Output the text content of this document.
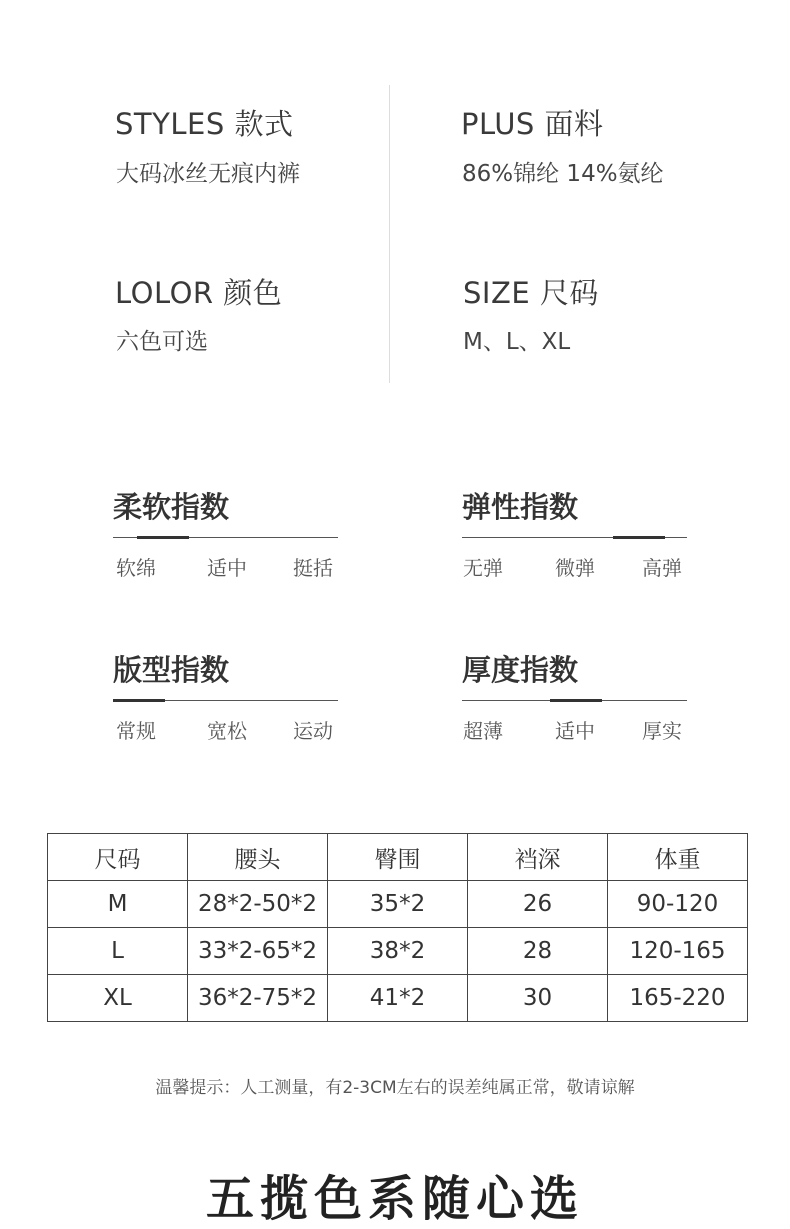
STYLES 款式
大码冰丝无痕内裤
PLUS 面料
86%锦纶 14%氨纶
LOLOR 颜色
六色可选
SIZE 尺码
M、L、XL
柔软指数
软绵	适中 挺括
弹性指数
无弹	微弹 高弹
版型指数
常规	宽松 运动
厚度指数
超薄	适中 厚实
尺码	腰头	臀围	裆深	体重
M	28*2-50*2	35*2	26	90-120
L	33*2-65*2	38*2	28	120-165
XL	36*2-75*2	41*2	30	165-220
温馨提示：人工测量，有2-3CM左右的误差纯属正常，敬请谅解
五揽色系随心选
